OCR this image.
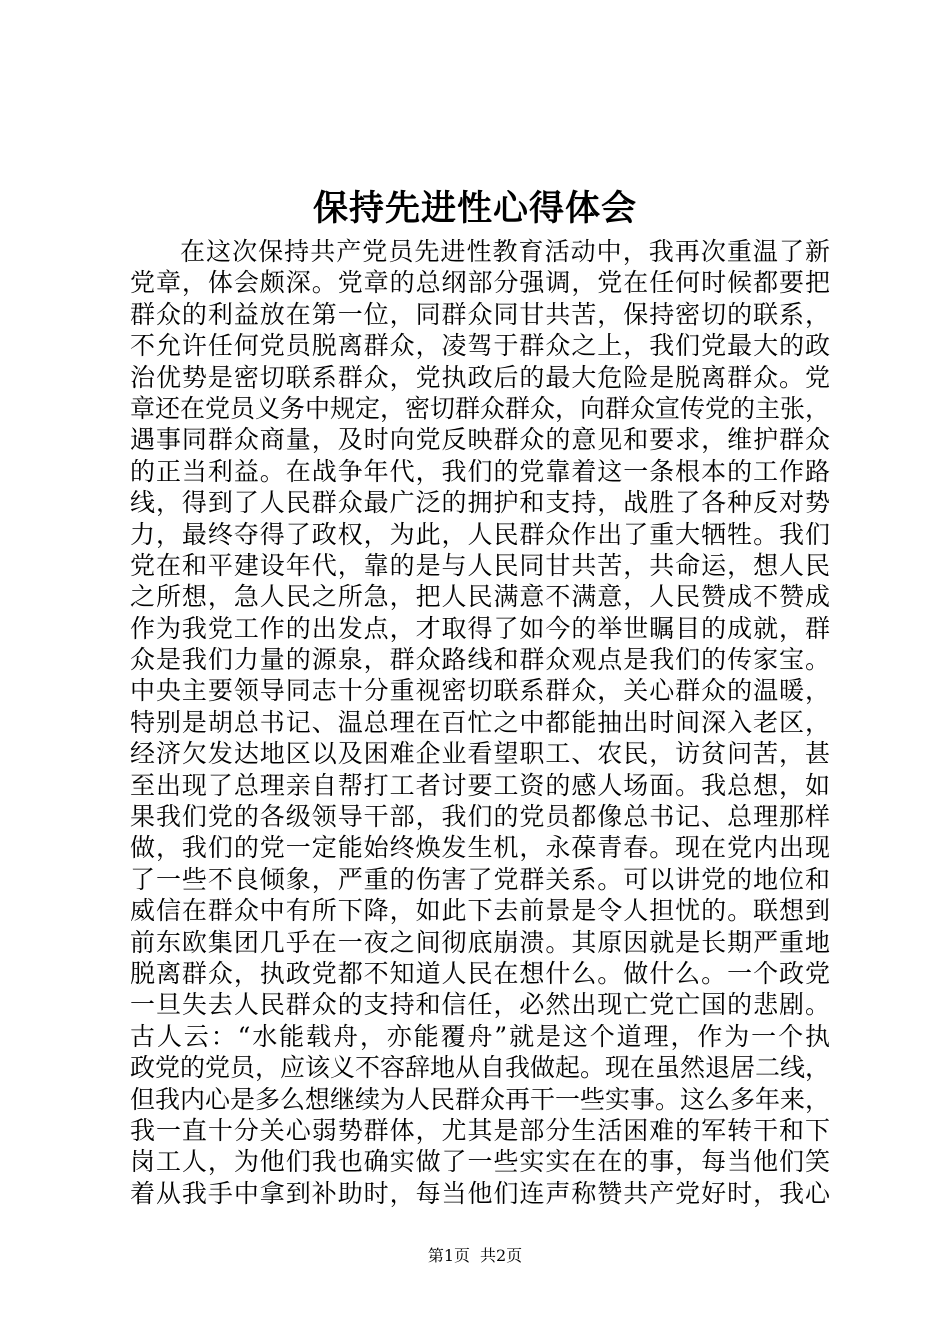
保持先进性心得体会
在这次保持共产党员先进性教育活动中，我再次重温了新
党章，体会颇深。党章的总纲部分强调，党在任何时候都要把
群众的利益放在第一位，同群众同甘共苦，保持密切的联系，
不允许任何党员脱离群众，凌驾于群众之上，我们党最大的政
治优势是密切联系群众，党执政后的最大危险是脱离群众。党
章还在党员义务中规定，密切群众群众，向群众宣传党的主张，
遇事同群众商量，及时向党反映群众的意见和要求，维护群众
的正当利益。在战争年代，我们的党靠着这一条根本的工作路
线，得到了人民群众最广泛的拥护和支持，战胜了各种反对势
力，最终夺得了政权，为此，人民群众作出了重大牺牲。我们
党在和平建设年代，靠的是与人民同甘共苦，共命运，想人民
之所想，急人民之所急，把人民满意不满意，人民赞成不赞成
作为我党工作的出发点，才取得了如今的举世瞩目的成就，群
众是我们力量的源泉，群众路线和群众观点是我们的传家宝。
中央主要领导同志十分重视密切联系群众，关心群众的温暖，
特别是胡总书记、温总理在百忙之中都能抽出时间深入老区，
经济欠发达地区以及困难企业看望职工、农民，访贫问苦，甚
至出现了总理亲自帮打工者讨要工资的感人场面。我总想，如
果我们党的各级领导干部，我们的党员都像总书记、总理那样
做，我们的党一定能始终焕发生机，永葆青春。现在党内出现
了一些不良倾象，严重的伤害了党群关系。可以讲党的地位和
威信在群众中有所下降，如此下去前景是令人担忧的。联想到
前东欧集团几乎在一夜之间彻底崩溃。其原因就是长期严重地
脱离群众，执政党都不知道人民在想什么。做什么。一个政党
一旦失去人民群众的支持和信任，必然出现亡党亡国的悲剧。
古人云：“水能载舟，亦能覆舟”就是这个道理，作为一个执
政党的党员，应该义不容辞地从自我做起。现在虽然退居二线，
但我内心是多么想继续为人民群众再干一些实事。这么多年来，
我一直十分关心弱势群体，尤其是部分生活困难的军转干和下
岗工人，为他们我也确实做了一些实实在在的事，每当他们笑
着从我手中拿到补助时，每当他们连声称赞共产党好时，我心
第1页 共2页
